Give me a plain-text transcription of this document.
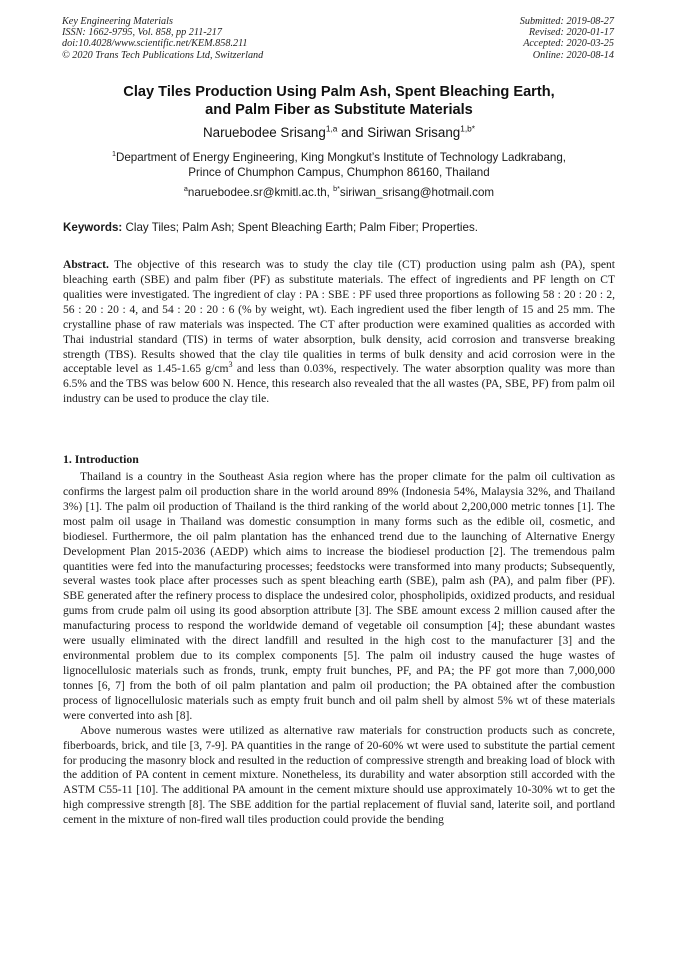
Key Engineering Materials
ISSN: 1662-9795, Vol. 858, pp 211-217
doi:10.4028/www.scientific.net/KEM.858.211
© 2020 Trans Tech Publications Ltd, Switzerland
Submitted: 2019-08-27
Revised: 2020-01-17
Accepted: 2020-03-25
Online: 2020-08-14
Clay Tiles Production Using Palm Ash, Spent Bleaching Earth,
and Palm Fiber as Substitute Materials
Naruebodee Srisang$^{1,a}$ and Siriwan Srisang$^{1,b*}$
$^1$Department of Energy Engineering, King Mongkut’s Institute of Technology Ladkrabang,
Prince of Chumphon Campus, Chumphon 86160, Thailand
$^a$naruebodee.sr@kmitl.ac.th, $^{b*}$siriwan_srisang@hotmail.com
Keywords: Clay Tiles; Palm Ash; Spent Bleaching Earth; Palm Fiber; Properties.

Abstract. The objective of this research was to study the clay tile (CT) production using palm ash (PA), spent bleaching earth (SBE) and palm fiber (PF) as substitute materials. The effect of ingredients and PF length on CT qualities were investigated. The ingredient of clay : PA : SBE : PF used three proportions as following 58 : 20 : 20 : 2, 56 : 20 : 20 : 4, and 54 : 20 : 20 : 6 (% by weight, wt). Each ingredient used the fiber length of 15 and 25 mm. The crystalline phase of raw materials was inspected. The CT after production were examined qualities as accorded with Thai industrial standard (TIS) in terms of water absorption, bulk density, acid corrosion and transverse breaking strength (TBS). Results showed that the clay tile qualities in terms of bulk density and acid corrosion were in the acceptable level as 1.45-1.65 $g/cm^3$ and less than 0.03%, respectively. The water absorption quality was more than 6.5% and the TBS was below 600 N. Hence, this research also revealed that the all wastes (PA, SBE, PF) from palm oil industry can be used to produce the clay tile.

1. Introduction

Thailand is a country in the Southeast Asia region where has the proper climate for the palm oil cultivation as confirms the largest palm oil production share in the world around 89% (Indonesia 54%, Malaysia 32%, and Thailand 3%) [1]. The palm oil production of Thailand is the third ranking of the world about 2,200,000 metric tonnes [1]. The most palm oil usage in Thailand was domestic consumption in many forms such as the edible oil, cosmetic, and biodiesel. Furthermore, the oil palm plantation has the enhanced trend due to the launching of Alternative Energy Development Plan 2015-2036 (AEDP) which aims to increase the biodiesel production [2]. The tremendous palm quantities were fed into the manufacturing processes; feedstocks were transformed into many products; Subsequently, several wastes took place after processes such as spent bleaching earth (SBE), palm ash (PA), and palm fiber (PF). SBE generated after the refinery process to displace the undesired color, phospholipids, oxidized products, and residual gums from crude palm oil using its good absorption attribute [3]. The SBE amount excess 2 million caused after the manufacturing process to respond the worldwide demand of vegetable oil consumption [4]; these abundant wastes were usually eliminated with the direct landfill and resulted in the high cost to the manufacturer [3] and the environmental problem due to its complex components [5]. The palm oil industry caused the huge wastes of lignocellulosic materials such as fronds, trunk, empty fruit bunches, PF, and PA; the PF got more than 7,000,000 tonnes [6, 7] from the both of oil palm plantation and palm oil production; the PA obtained after the combustion process of lignocellulosic materials such as empty fruit bunch and oil palm shell by almost 5% wt of these materials were converted into ash [8].

Above numerous wastes were utilized as alternative raw materials for construction products such as concrete, fiberboards, brick, and tile [3, 7-9]. PA quantities in the range of 20-60% wt were used to substitute the partial cement for producing the masonry block and resulted in the reduction of compressive strength and breaking load of block with the addition of PA content in cement mixture. Nonetheless, its durability and water absorption still accorded with the ASTM C55-11 [10]. The additional PA amount in the cement mixture should use approximately 10-30% wt to get the high compressive strength [8]. The SBE addition for the partial replacement of fluvial sand, laterite soil, and portland cement in the mixture of non-fired wall tiles production could provide the bending
